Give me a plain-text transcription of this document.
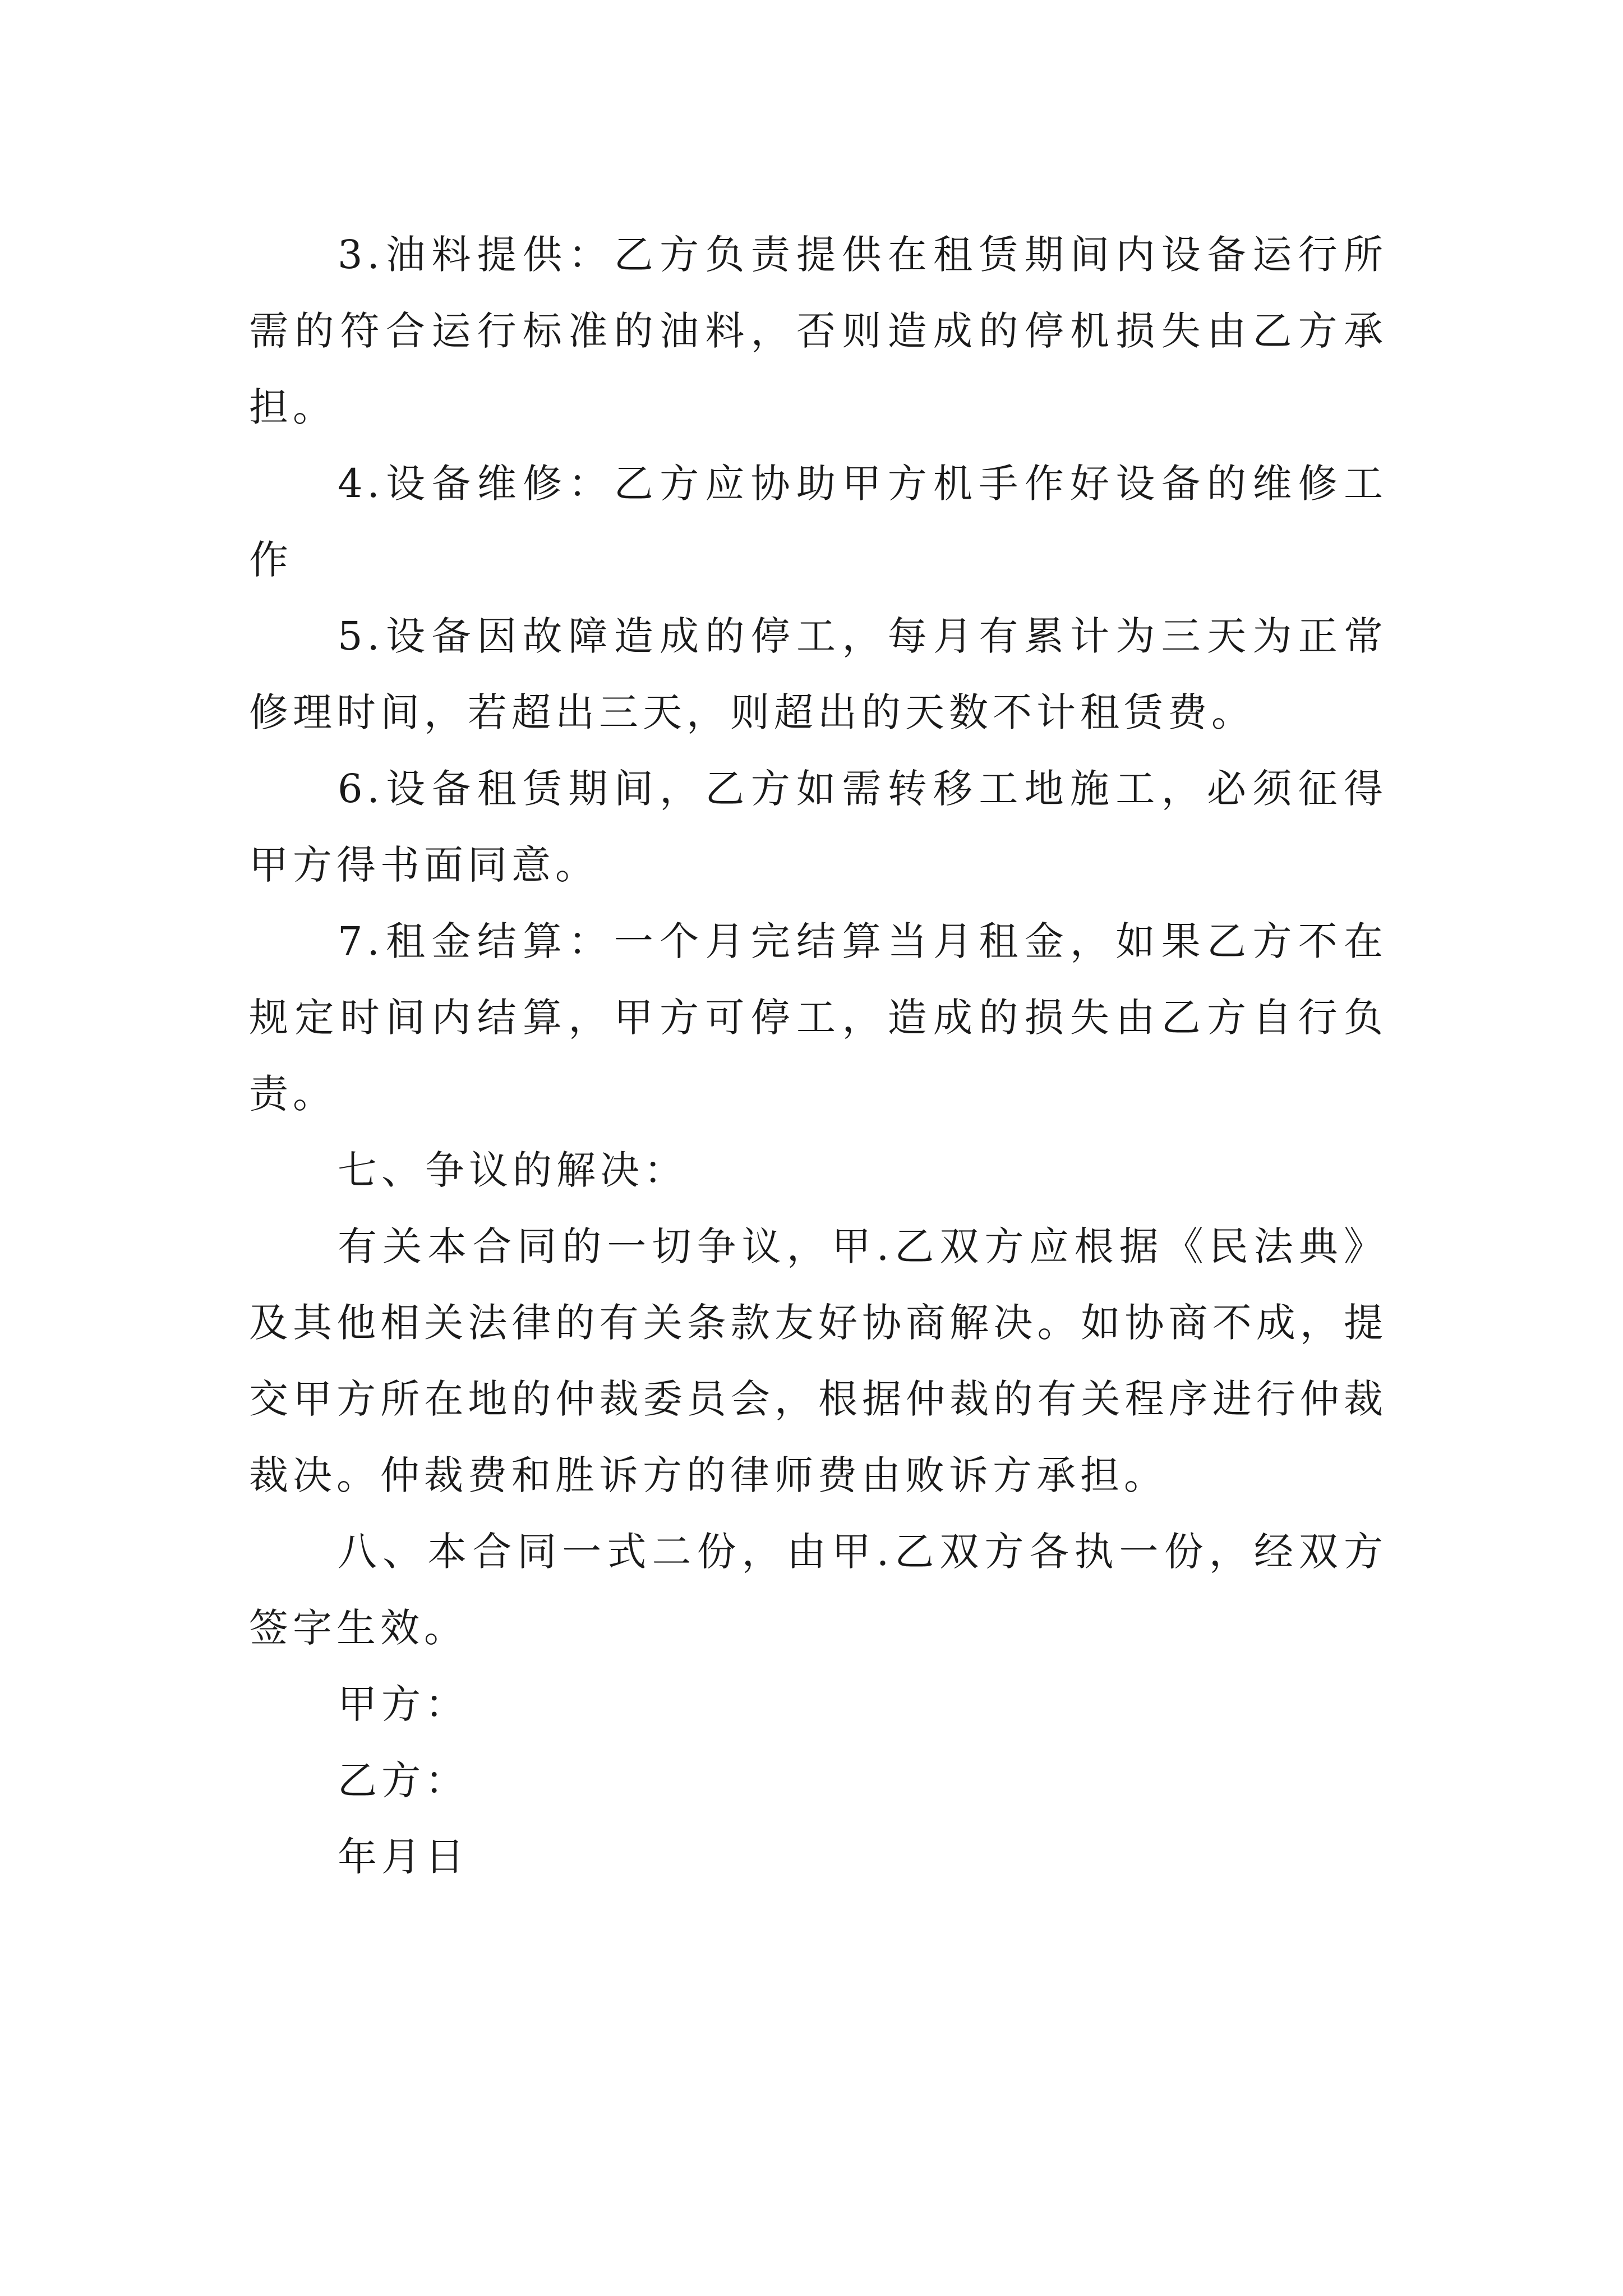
3.油料提供：乙方负责提供在租赁期间内设备运行所需的符合运行标准的油料，否则造成的停机损失由乙方承担。

4.设备维修：乙方应协助甲方机手作好设备的维修工作

5.设备因故障造成的停工，每月有累计为三天为正常修理时间，若超出三天，则超出的天数不计租赁费。

6.设备租赁期间，乙方如需转移工地施工，必须征得甲方得书面同意。

7.租金结算：一个月完结算当月租金，如果乙方不在规定时间内结算，甲方可停工，造成的损失由乙方自行负责。

七、争议的解决：

有关本合同的一切争议，甲.乙双方应根据《民法典》及其他相关法律的有关条款友好协商解决。如协商不成，提交甲方所在地的仲裁委员会，根据仲裁的有关程序进行仲裁裁决。仲裁费和胜诉方的律师费由败诉方承担。

八、本合同一式二份，由甲.乙双方各执一份，经双方签字生效。

甲方：

乙方：

年月日
